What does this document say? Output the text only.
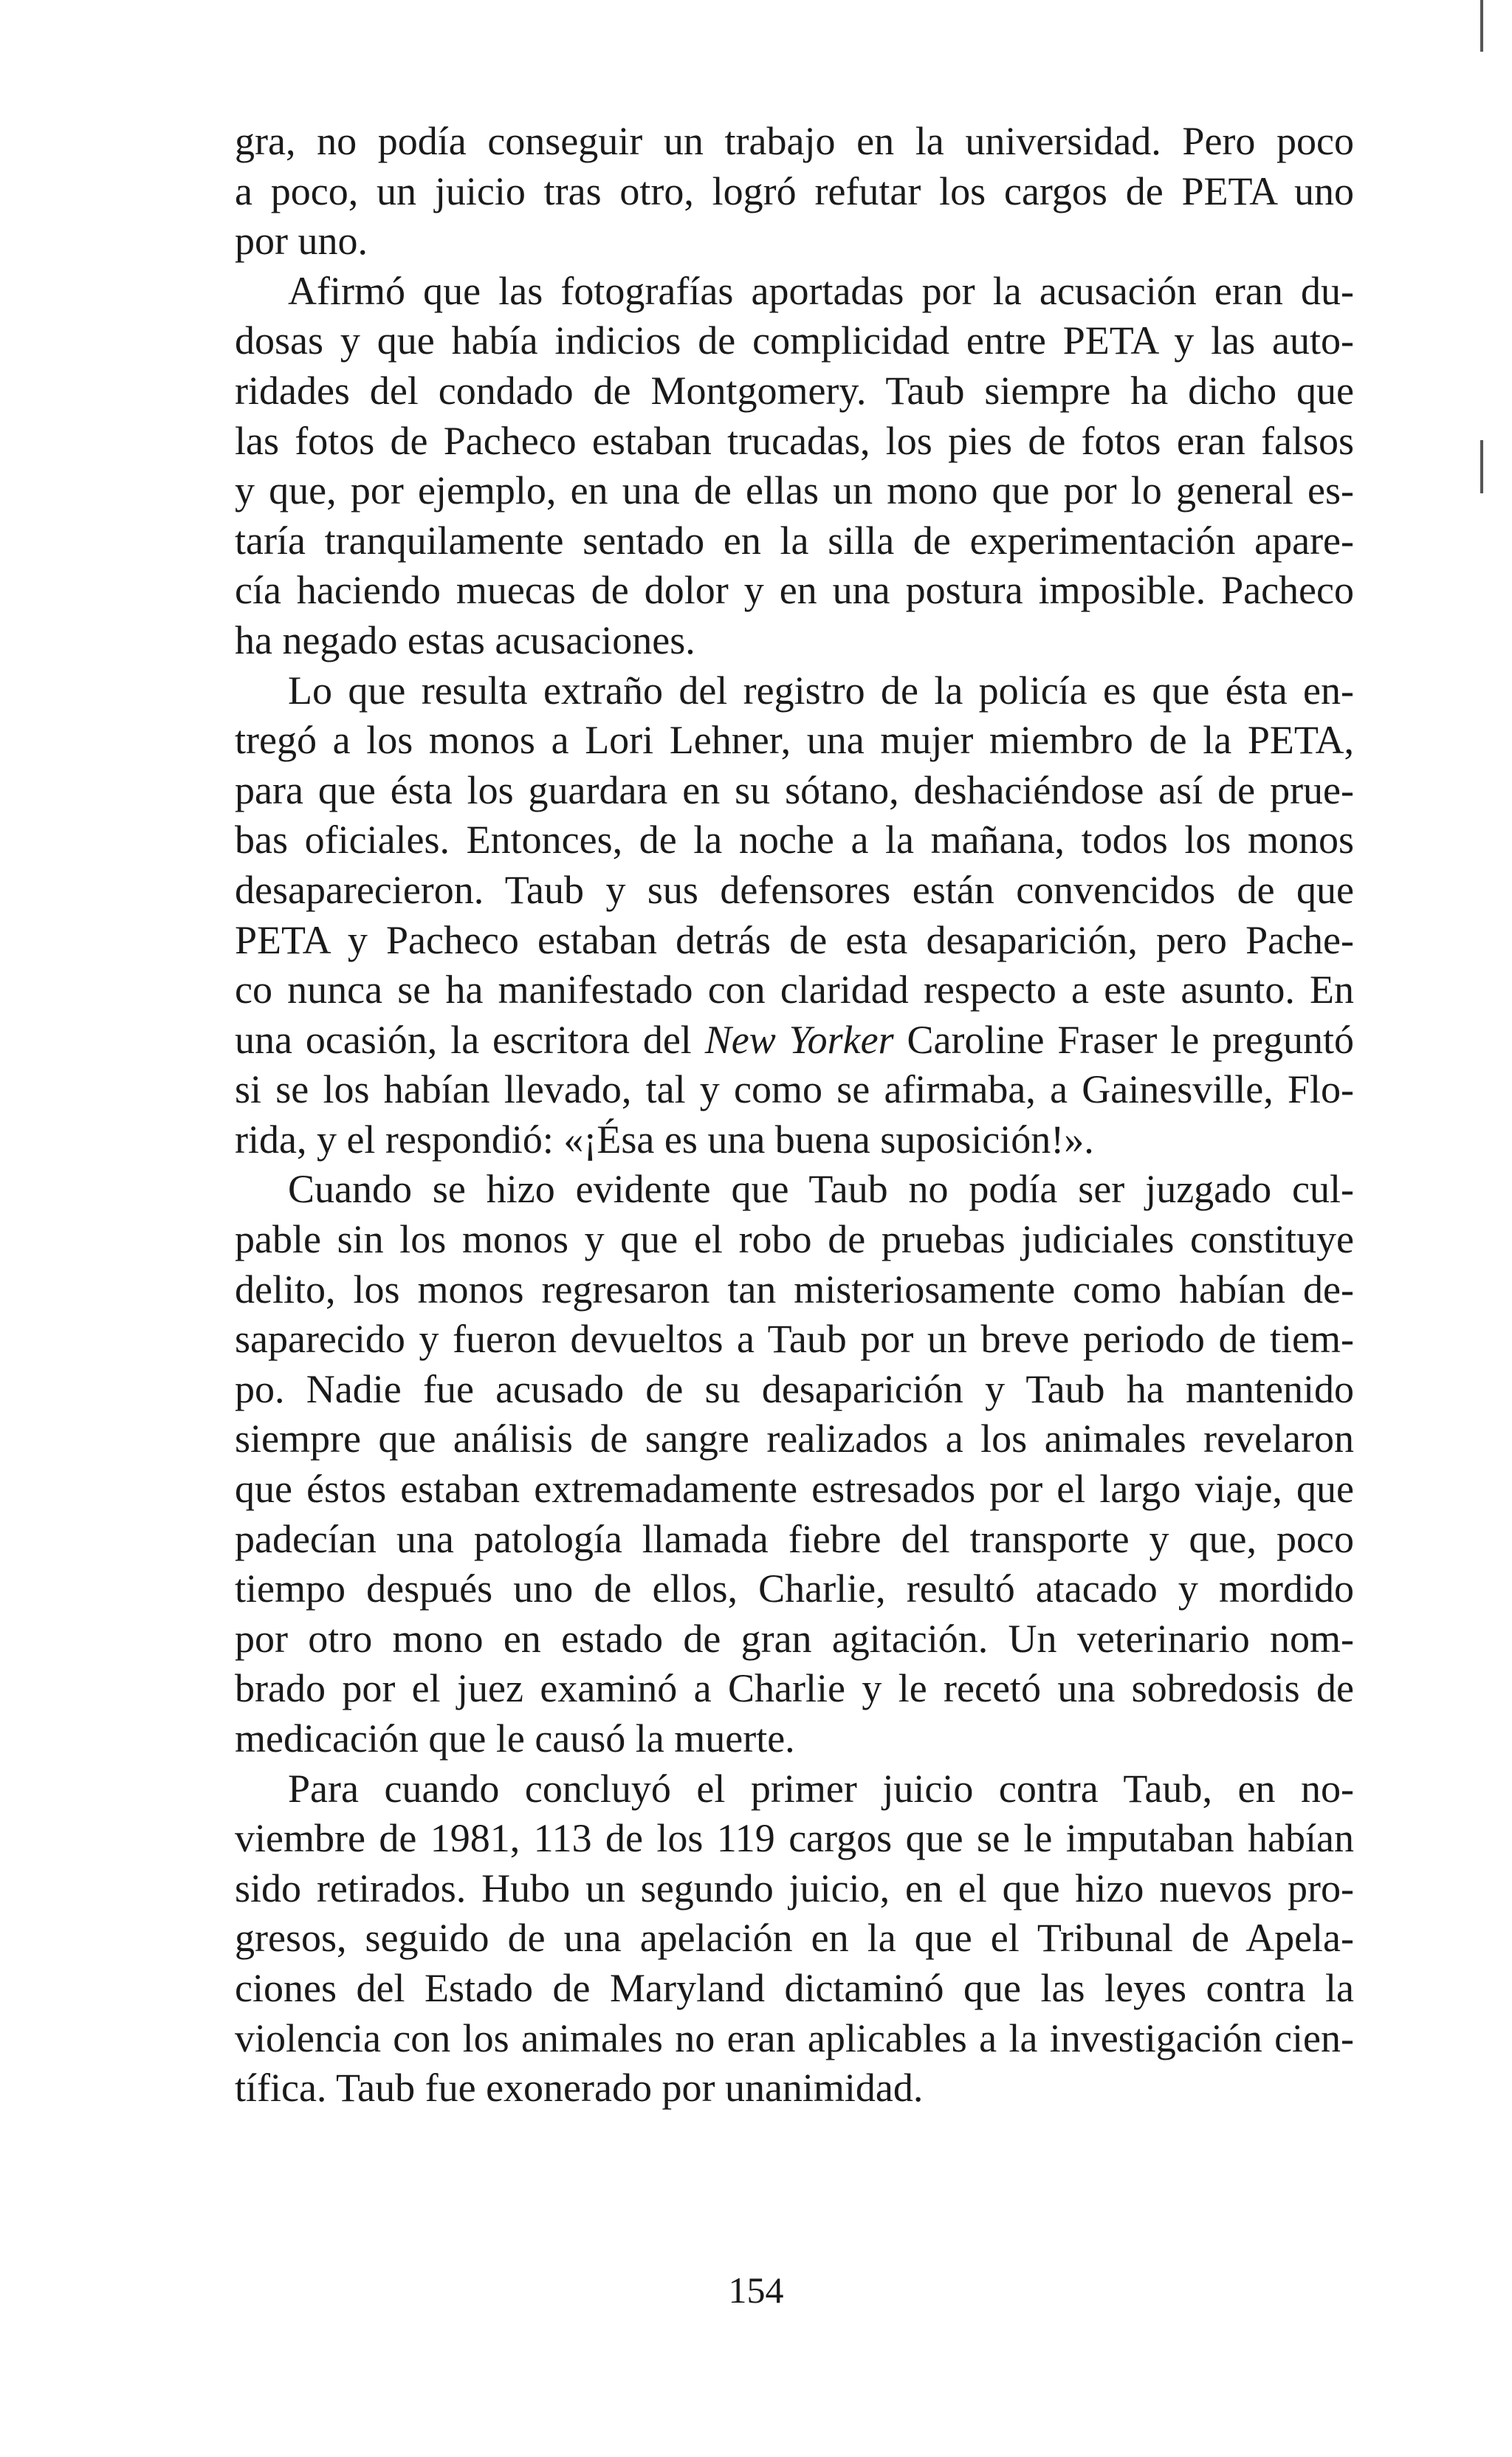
gra, no podía conseguir un trabajo en la universidad. Pero poco
a poco, un juicio tras otro, logró refutar los cargos de PETA uno
por uno.
Afirmó que las fotografías aportadas por la acusación eran du-
dosas y que había indicios de complicidad entre PETA y las auto-
ridades del condado de Montgomery. Taub siempre ha dicho que
las fotos de Pacheco estaban trucadas, los pies de fotos eran falsos
y que, por ejemplo, en una de ellas un mono que por lo general es-
taría tranquilamente sentado en la silla de experimentación apare-
cía haciendo muecas de dolor y en una postura imposible. Pacheco
ha negado estas acusaciones.
Lo que resulta extraño del registro de la policía es que ésta en-
tregó a los monos a Lori Lehner, una mujer miembro de la PETA,
para que ésta los guardara en su sótano, deshaciéndose así de prue-
bas oficiales. Entonces, de la noche a la mañana, todos los monos
desaparecieron. Taub y sus defensores están convencidos de que
PETA y Pacheco estaban detrás de esta desaparición, pero Pache-
co nunca se ha manifestado con claridad respecto a este asunto. En
una ocasión, la escritora del New Yorker Caroline Fraser le preguntó
si se los habían llevado, tal y como se afirmaba, a Gainesville, Flo-
rida, y el respondió: «¡Ésa es una buena suposición!».
Cuando se hizo evidente que Taub no podía ser juzgado cul-
pable sin los monos y que el robo de pruebas judiciales constituye
delito, los monos regresaron tan misteriosamente como habían de-
saparecido y fueron devueltos a Taub por un breve periodo de tiem-
po. Nadie fue acusado de su desaparición y Taub ha mantenido
siempre que análisis de sangre realizados a los animales revelaron
que éstos estaban extremadamente estresados por el largo viaje, que
padecían una patología llamada fiebre del transporte y que, poco
tiempo después uno de ellos, Charlie, resultó atacado y mordido
por otro mono en estado de gran agitación. Un veterinario nom-
brado por el juez examinó a Charlie y le recetó una sobredosis de
medicación que le causó la muerte.
Para cuando concluyó el primer juicio contra Taub, en no-
viembre de 1981, 113 de los 119 cargos que se le imputaban habían
sido retirados. Hubo un segundo juicio, en el que hizo nuevos pro-
gresos, seguido de una apelación en la que el Tribunal de Apela-
ciones del Estado de Maryland dictaminó que las leyes contra la
violencia con los animales no eran aplicables a la investigación cien-
tífica. Taub fue exonerado por unanimidad.
154
